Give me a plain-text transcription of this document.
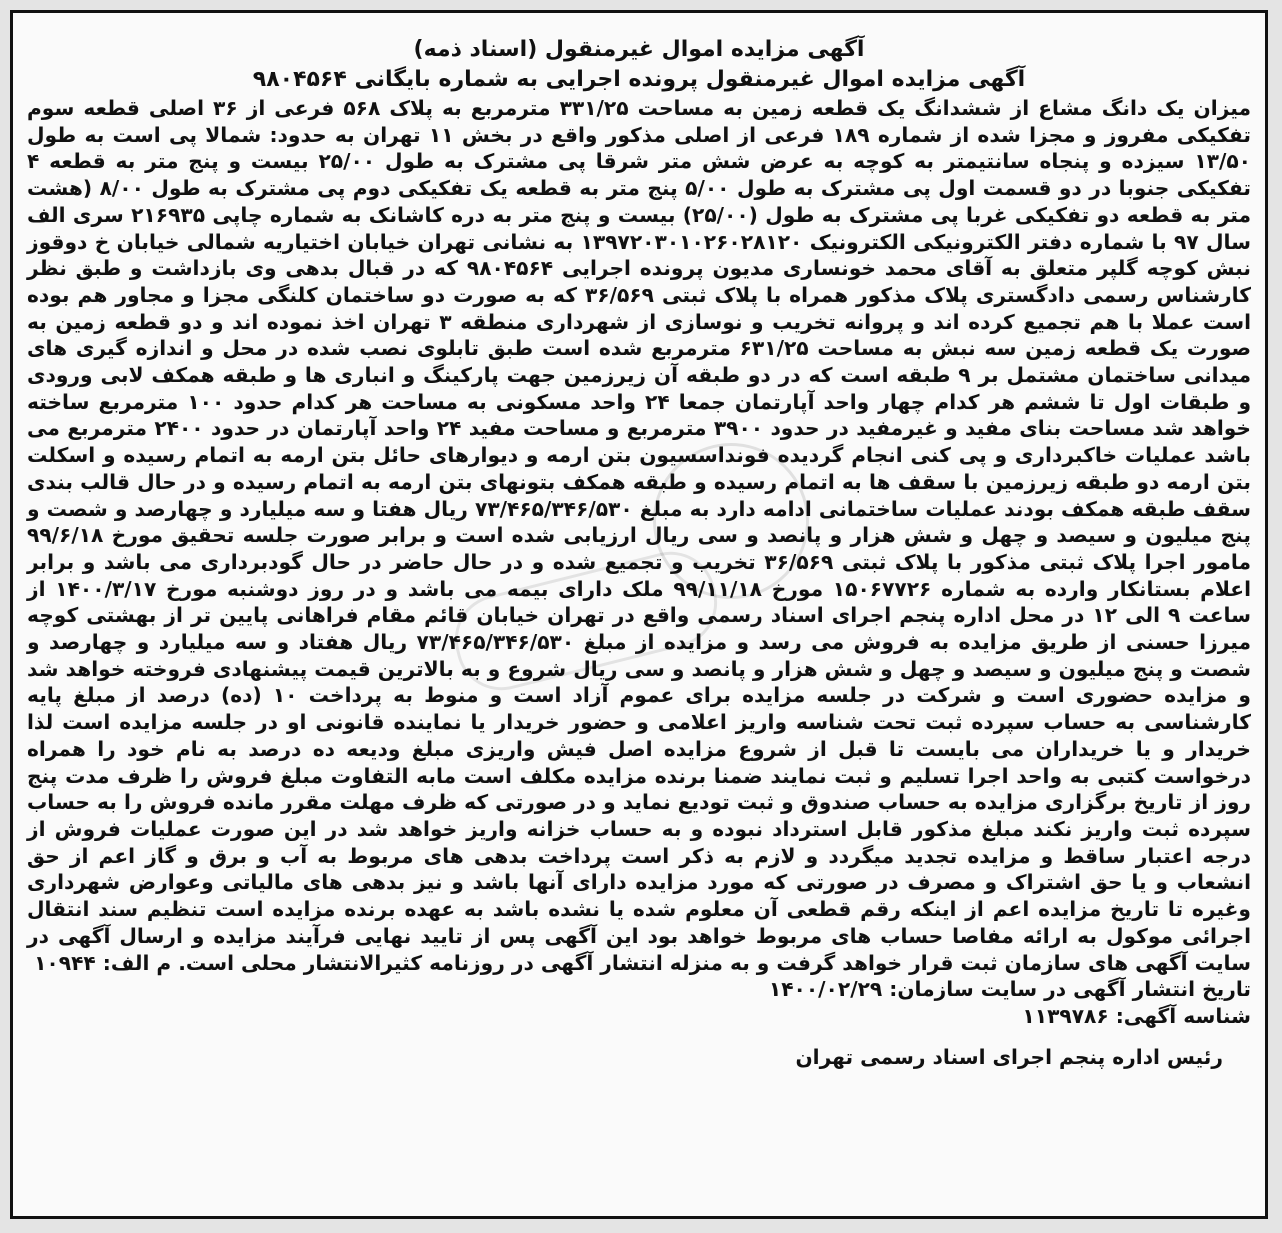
آگهی مزایده اموال غیرمنقول (اسناد ذمه)

آگهی مزایده اموال غیرمنقول پرونده اجرایی به شماره بایگانی ۹۸۰۴۵۶۴

میزان یک دانگ مشاع از ششدانگ یک قطعه زمین به مساحت ۳۳۱/۲۵ مترمربع به پلاک ۵۶۸ فرعی از ۳۶ اصلی قطعه سوم تفکیکی مفروز و مجزا شده از شماره ۱۸۹ فرعی از اصلی مذکور واقع در بخش ۱۱ تهران به حدود: شمالا پی است به طول ۱۳/۵۰ سیزده و پنجاه سانتیمتر به کوچه به عرض شش متر شرقا پی مشترک به طول ۲۵/۰۰ بیست و پنج متر به قطعه ۴ تفکیکی جنوبا در دو قسمت اول پی مشترک به طول ۵/۰۰ پنج متر به قطعه یک تفکیکی دوم پی مشترک به طول ۸/۰۰ (هشت متر به قطعه دو تفکیکی غربا پی مشترک به طول (۲۵/۰۰) بیست و پنج متر به دره کاشانک به شماره چاپی ۲۱۶۹۳۵ سری الف سال ۹۷ با شماره دفتر الکترونیکی الکترونیک ۱۳۹۷۲۰۳۰۱۰۲۶۰۲۸۱۲۰ به نشانی تهران خیابان اختیاریه شمالی خیابان خ دوقوز نبش کوچه گلپر متعلق به آقای محمد خونساری مدیون پرونده اجرایی ۹۸۰۴۵۶۴ که در قبال بدهی وی بازداشت و طبق نظر کارشناس رسمی دادگستری پلاک مذکور همراه با پلاک ثبتی ۳۶/۵۶۹ که به صورت دو ساختمان کلنگی مجزا و مجاور هم بوده است عملا با هم تجمیع کرده اند و پروانه تخریب و نوسازی از شهرداری منطقه ۳ تهران اخذ نموده اند و دو قطعه زمین به صورت یک قطعه زمین سه نبش به مساحت ۶۳۱/۲۵ مترمربع شده است طبق تابلوی نصب شده در محل و اندازه گیری های میدانی ساختمان مشتمل بر ۹ طبقه است که در دو طبقه آن زیرزمین جهت پارکینگ و انباری ها و طبقه همکف لابی ورودی و طبقات اول تا ششم هر کدام چهار واحد آپارتمان جمعا ۲۴ واحد مسکونی به مساحت هر کدام حدود ۱۰۰ مترمربع ساخته خواهد شد مساحت بنای مفید و غیرمفید در حدود ۳۹۰۰ مترمربع و مساحت مفید ۲۴ واحد آپارتمان در حدود ۲۴۰۰ مترمربع می باشد عملیات خاکبرداری و پی کنی انجام گردیده فونداسسیون بتن ارمه و دیوارهای حائل بتن ارمه به اتمام رسیده و اسکلت بتن ارمه دو طبقه زیرزمین با سقف ها به اتمام رسیده و طبقه همکف بتونهای بتن ارمه به اتمام رسیده و در حال قالب بندی سقف طبقه همکف بودند عملیات ساختمانی ادامه دارد به مبلغ ۷۳/۴۶۵/۳۴۶/۵۳۰ ریال هفتا و سه میلیارد و چهارصد و شصت و پنج میلیون و سیصد و چهل و شش هزار و پانصد و سی ریال ارزیابی شده است و برابر صورت جلسه تحقیق مورخ ۹۹/۶/۱۸ مامور اجرا پلاک ثبتی مذکور با پلاک ثبتی ۳۶/۵۶۹ تخریب و تجمیع شده و در حال حاضر در حال گودبرداری می باشد و برابر اعلام بستانکار وارده به شماره ۱۵۰۶۷۷۲۶ مورخ ۹۹/۱۱/۱۸ ملک دارای بیمه می باشد و در روز دوشنبه مورخ ۱۴۰۰/۳/۱۷ از ساعت ۹ الی ۱۲ در محل اداره پنجم اجرای اسناد رسمی واقع در تهران خیابان قائم مقام فراهانی پایین تر از بهشتی کوچه میرزا حسنی از طریق مزایده به فروش می رسد و مزایده از مبلغ ۷۳/۴۶۵/۳۴۶/۵۳۰ ریال هفتاد و سه میلیارد و چهارصد و شصت و پنج میلیون و سیصد و چهل و شش هزار و پانصد و سی ریال شروع و به بالاترین قیمت پیشنهادی فروخته خواهد شد و مزایده حضوری است و شرکت در جلسه مزایده برای عموم آزاد است و منوط به پرداخت ۱۰ (ده) درصد از مبلغ پایه کارشناسی به حساب سپرده ثبت تحت شناسه واریز اعلامی و حضور خریدار یا نماینده قانونی او در جلسه مزایده است لذا خریدار و یا خریداران می بایست تا قبل از شروع مزایده اصل فیش واریزی مبلغ ودیعه ده درصد به نام خود را همراه درخواست کتبی به واحد اجرا تسلیم و ثبت نمایند ضمنا برنده مزایده مکلف است مابه التفاوت مبلغ فروش را ظرف مدت پنج روز از تاریخ برگزاری مزایده به حساب صندوق و ثبت تودیع نماید و در صورتی که ظرف مهلت مقرر مانده فروش را به حساب سپرده ثبت واریز نکند مبلغ مذکور قابل استرداد نبوده و به حساب خزانه واریز خواهد شد در این صورت عملیات فروش از درجه اعتبار ساقط و مزایده تجدید میگردد و لازم به ذکر است پرداخت بدهی های مربوط به آب و برق و گاز اعم از حق انشعاب و یا حق اشتراک و مصرف در صورتی که مورد مزایده دارای آنها باشد و نیز بدهی های مالیاتی وعوارض شهرداری وغیره تا تاریخ مزایده اعم از اینکه رقم قطعی آن معلوم شده یا نشده باشد به عهده برنده مزایده است تنظیم سند انتقال اجرائی موکول به ارائه مفاصا حساب های مربوط خواهد بود این آگهی پس از تایید نهایی فرآیند مزایده و ارسال آگهی در سایت آگهی های سازمان ثبت قرار خواهد گرفت و به منزله انتشار آگهی در روزنامه کثیرالانتشار محلی است. م الف: ۱۰۹۴۴

تاریخ انتشار آگهی در سایت سازمان: ۱۴۰۰/۰۲/۲۹

شناسه آگهی: ۱۱۳۹۷۸۶

رئیس اداره پنجم اجرای اسناد رسمی تهران
